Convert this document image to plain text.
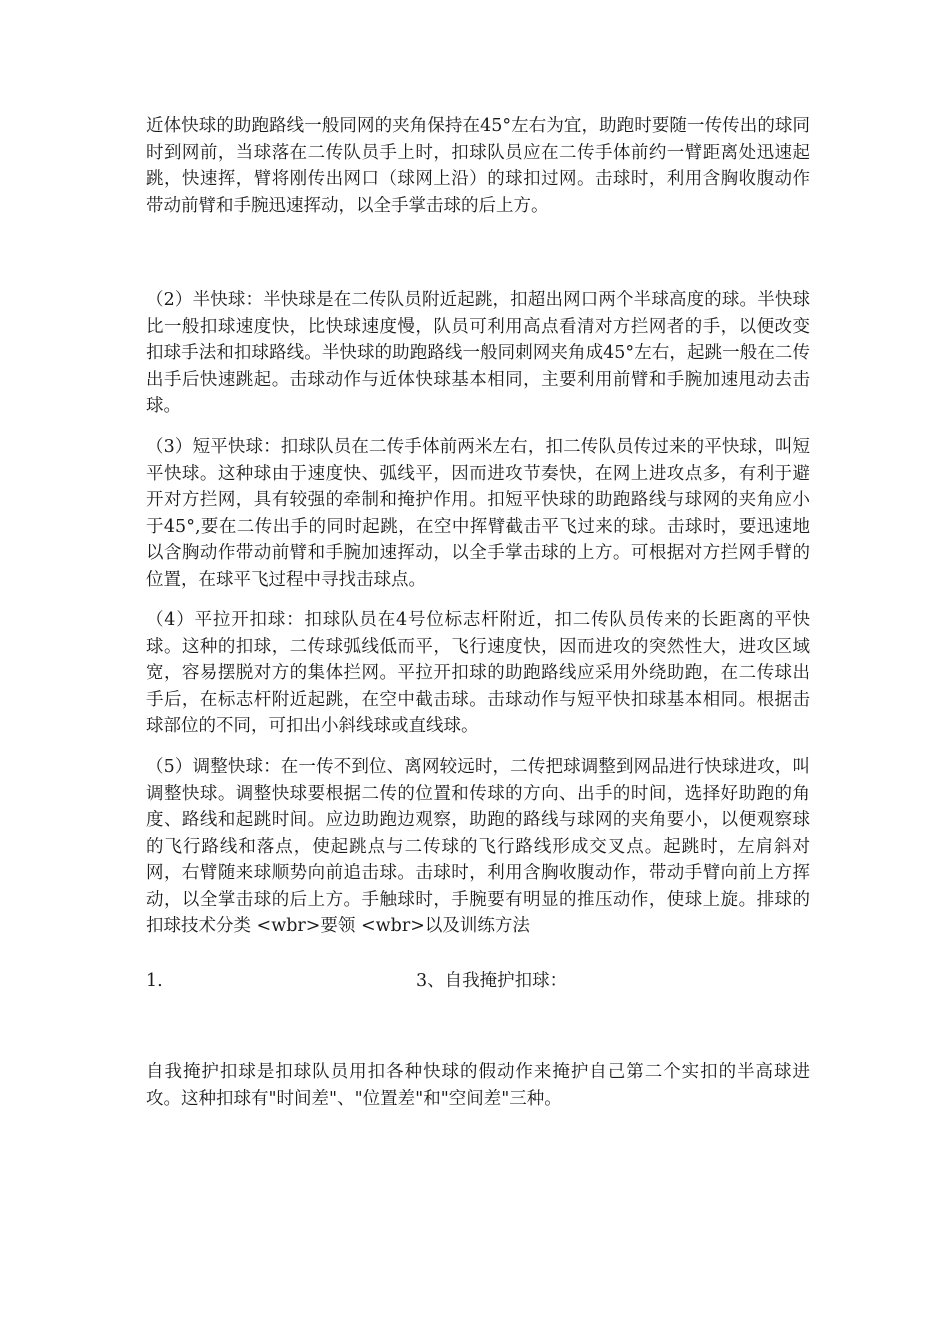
近体快球的助跑路线一般同网的夹角保持在45°左右为宜，助跑时要随一传传出的球同时到网前，当球落在二传队员手上时，扣球队员应在二传手体前约一臂距离处迅速起跳，快速挥，臂将刚传出网口（球网上沿）的球扣过网。击球时，利用含胸收腹动作带动前臂和手腕迅速挥动，以全手掌击球的后上方。

（2）半快球：半快球是在二传队员附近起跳，扣超出网口两个半球高度的球。半快球比一般扣球速度快，比快球速度慢，队员可利用高点看清对方拦网者的手，以便改变扣球手法和扣球路线。半快球的助跑路线一般同刺网夹角成45°左右，起跳一般在二传出手后快速跳起。击球动作与近体快球基本相同，主要利用前臂和手腕加速甩动去击球。

（3）短平快球：扣球队员在二传手体前两米左右，扣二传队员传过来的平快球，叫短平快球。这种球由于速度快、弧线平，因而进攻节奏快，在网上进攻点多，有利于避开对方拦网，具有较强的牵制和掩护作用。扣短平快球的助跑路线与球网的夹角应小于45°,要在二传出手的同时起跳，在空中挥臂截击平飞过来的球。击球时，要迅速地以含胸动作带动前臂和手腕加速挥动，以全手掌击球的上方。可根据对方拦网手臂的位置，在球平飞过程中寻找击球点。

（4）平拉开扣球：扣球队员在4号位标志杆附近，扣二传队员传来的长距离的平快球。这种的扣球，二传球弧线低而平，飞行速度快，因而进攻的突然性大，进攻区域宽，容易摆脱对方的集体拦网。平拉开扣球的助跑路线应采用外绕助跑，在二传球出手后，在标志杆附近起跳，在空中截击球。击球动作与短平快扣球基本相同。根据击球部位的不同，可扣出小斜线球或直线球。

（5）调整快球：在一传不到位、离网较远时，二传把球调整到网品进行快球进攻，叫调整快球。调整快球要根据二传的位置和传球的方向、出手的时间，选择好助跑的角度、路线和起跳时间。应边助跑边观察，助跑的路线与球网的夹角要小，以便观察球的飞行路线和落点，使起跳点与二传球的飞行路线形成交叉点。起跳时，左肩斜对网，右臂随来球顺势向前追击球。击球时，利用含胸收腹动作，带动手臂向前上方挥动，以全掌击球的后上方。手触球时，手腕要有明显的推压动作，使球上旋。排球的扣球技术分类 <wbr>要领 <wbr>以及训练方法

1.	3、自我掩护扣球：

自我掩护扣球是扣球队员用扣各种快球的假动作来掩护自己第二个实扣的半高球进攻。这种扣球有"时间差"、"位置差"和"空间差"三种。
